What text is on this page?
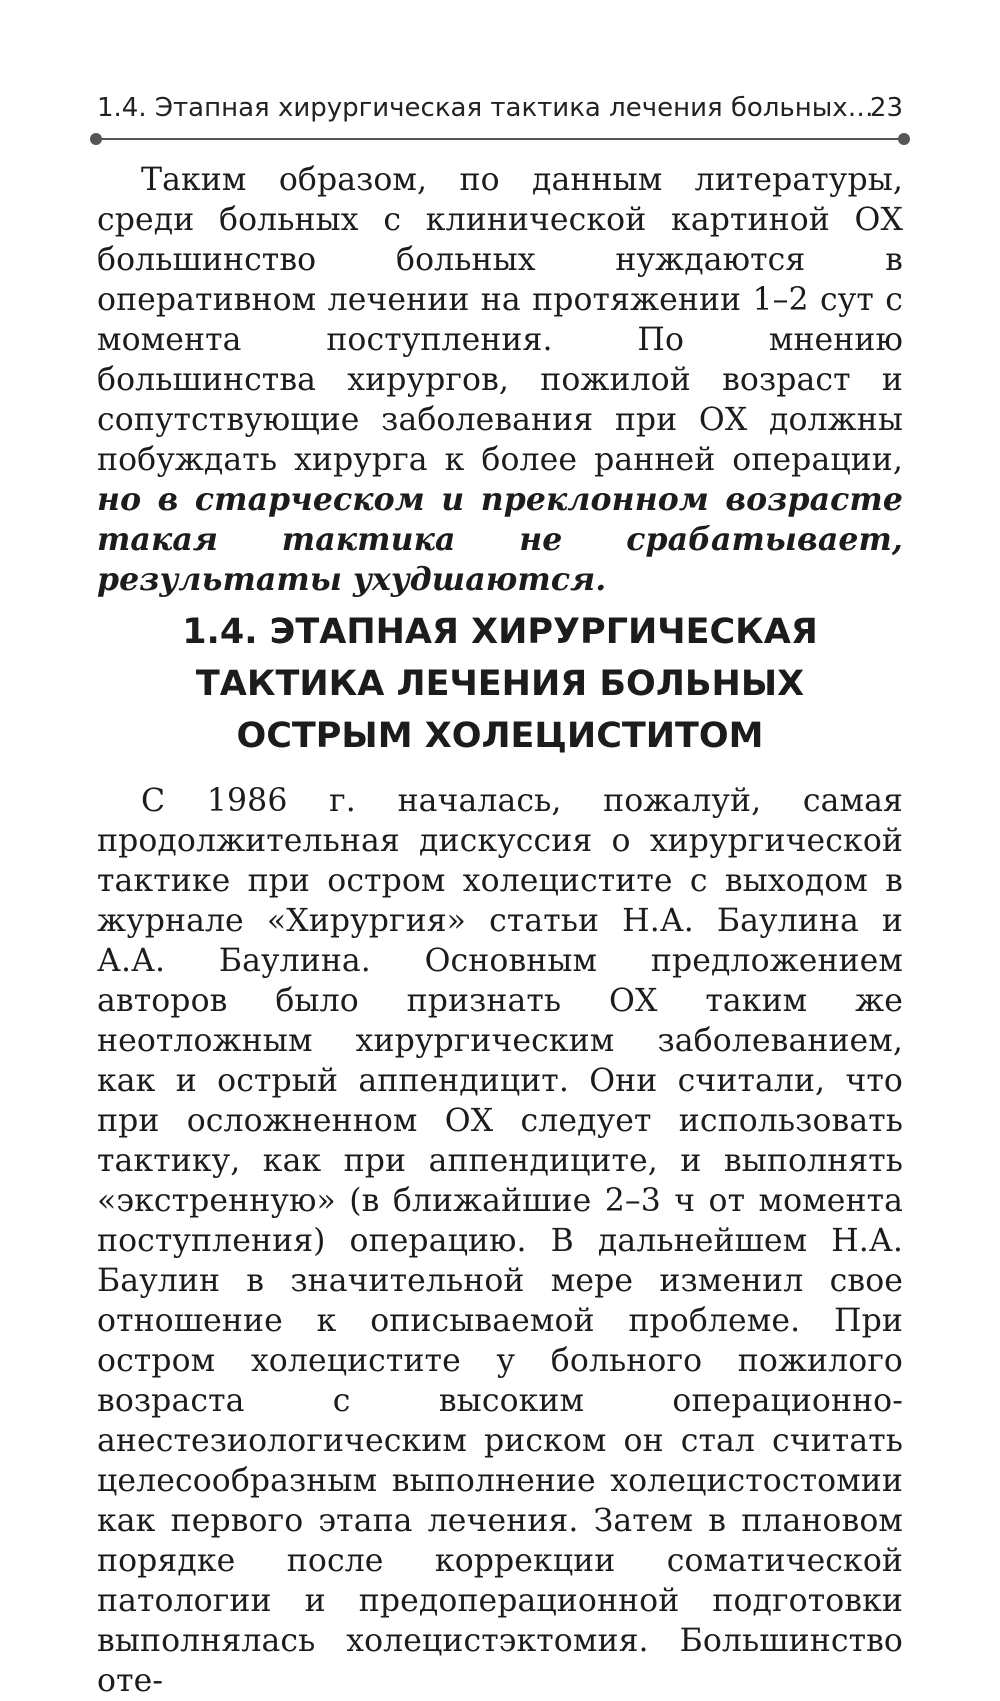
1.4. Этапная хирургическая тактика лечения больных…
23

Таким образом, по данным литературы, среди больных с клинической картиной ОХ большинство больных нуждаются в оперативном лечении на протяжении 1–2 сут с момента поступления. По мнению большинства хирургов, пожилой возраст и сопутствующие заболевания при ОХ должны побуждать хирурга к более ранней операции, но в старческом и преклонном возрасте такая тактика не срабатывает, результаты ухудшаются.

1.4. ЭТАПНАЯ ХИРУРГИЧЕСКАЯ
ТАКТИКА ЛЕЧЕНИЯ БОЛЬНЫХ
ОСТРЫМ ХОЛЕЦИСТИТОМ

С 1986 г. началась, пожалуй, самая продолжительная дискуссия о хирургической тактике при остром холецистите с выходом в журнале «Хирургия» статьи Н.А. Баулина и А.А. Баулина. Основным предложением авторов было признать ОХ таким же неотложным хирургическим заболеванием, как и острый аппендицит. Они считали, что при осложненном ОХ следует использовать тактику, как при аппендиците, и выполнять «экстренную» (в ближайшие 2–3 ч от момента поступления) операцию. В дальнейшем Н.А. Баулин в значительной мере изменил свое отношение к описываемой проблеме. При остром холецистите у больного пожилого возраста с высоким операционно-анестезиологическим риском он стал считать целесообразным выполнение холецистостомии как первого этапа лечения. Затем в плановом порядке после коррекции соматической патологии и предоперационной подготовки выполнялась холецистэктомия. Большинство оте-
